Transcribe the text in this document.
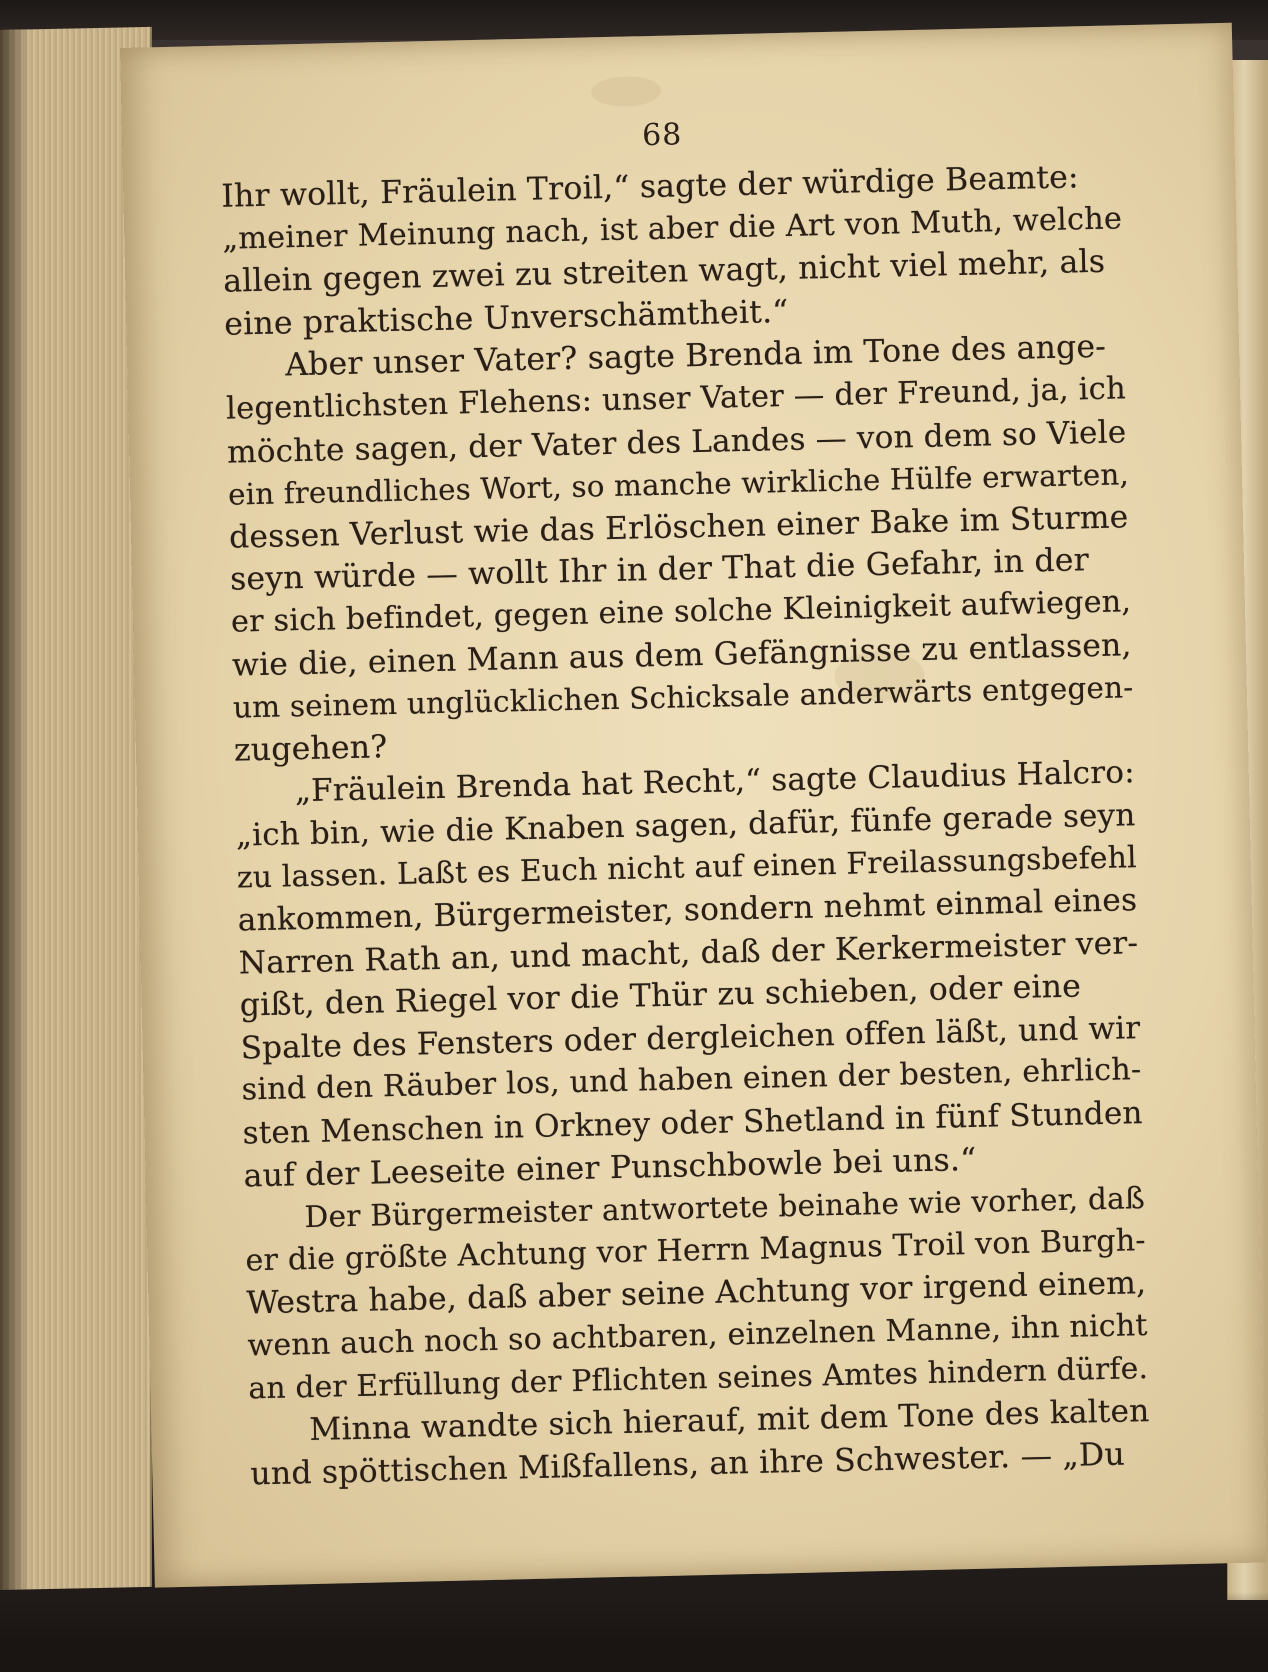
68
Ihr wollt, Fräulein Troil,“ sagte der würdige Beamte:
„meiner Meinung nach, ist aber die Art von Muth, welche
allein gegen zwei zu streiten wagt, nicht viel mehr, als
eine praktische Unverschämtheit.“
Aber unser Vater? sagte Brenda im Tone des ange-
legentlichsten Flehens: unser Vater — der Freund, ja, ich
möchte sagen, der Vater des Landes — von dem so Viele
ein freundliches Wort, so manche wirkliche Hülfe erwarten,
dessen Verlust wie das Erlöschen einer Bake im Sturme
seyn würde — wollt Ihr in der That die Gefahr, in der
er sich befindet, gegen eine solche Kleinigkeit aufwiegen,
wie die, einen Mann aus dem Gefängnisse zu entlassen,
um seinem unglücklichen Schicksale anderwärts entgegen-
zugehen?
„Fräulein Brenda hat Recht,“ sagte Claudius Halcro:
„ich bin, wie die Knaben sagen, dafür, fünfe gerade seyn
zu lassen. Laßt es Euch nicht auf einen Freilassungsbefehl
ankommen, Bürgermeister, sondern nehmt einmal eines
Narren Rath an, und macht, daß der Kerkermeister ver-
gißt, den Riegel vor die Thür zu schieben, oder eine
Spalte des Fensters oder dergleichen offen läßt, und wir
sind den Räuber los, und haben einen der besten, ehrlich-
sten Menschen in Orkney oder Shetland in fünf Stunden
auf der Leeseite einer Punschbowle bei uns.“
Der Bürgermeister antwortete beinahe wie vorher, daß
er die größte Achtung vor Herrn Magnus Troil von Burgh-
Westra habe, daß aber seine Achtung vor irgend einem,
wenn auch noch so achtbaren, einzelnen Manne, ihn nicht
an der Erfüllung der Pflichten seines Amtes hindern dürfe.
Minna wandte sich hierauf, mit dem Tone des kalten
und spöttischen Mißfallens, an ihre Schwester. — „Du
